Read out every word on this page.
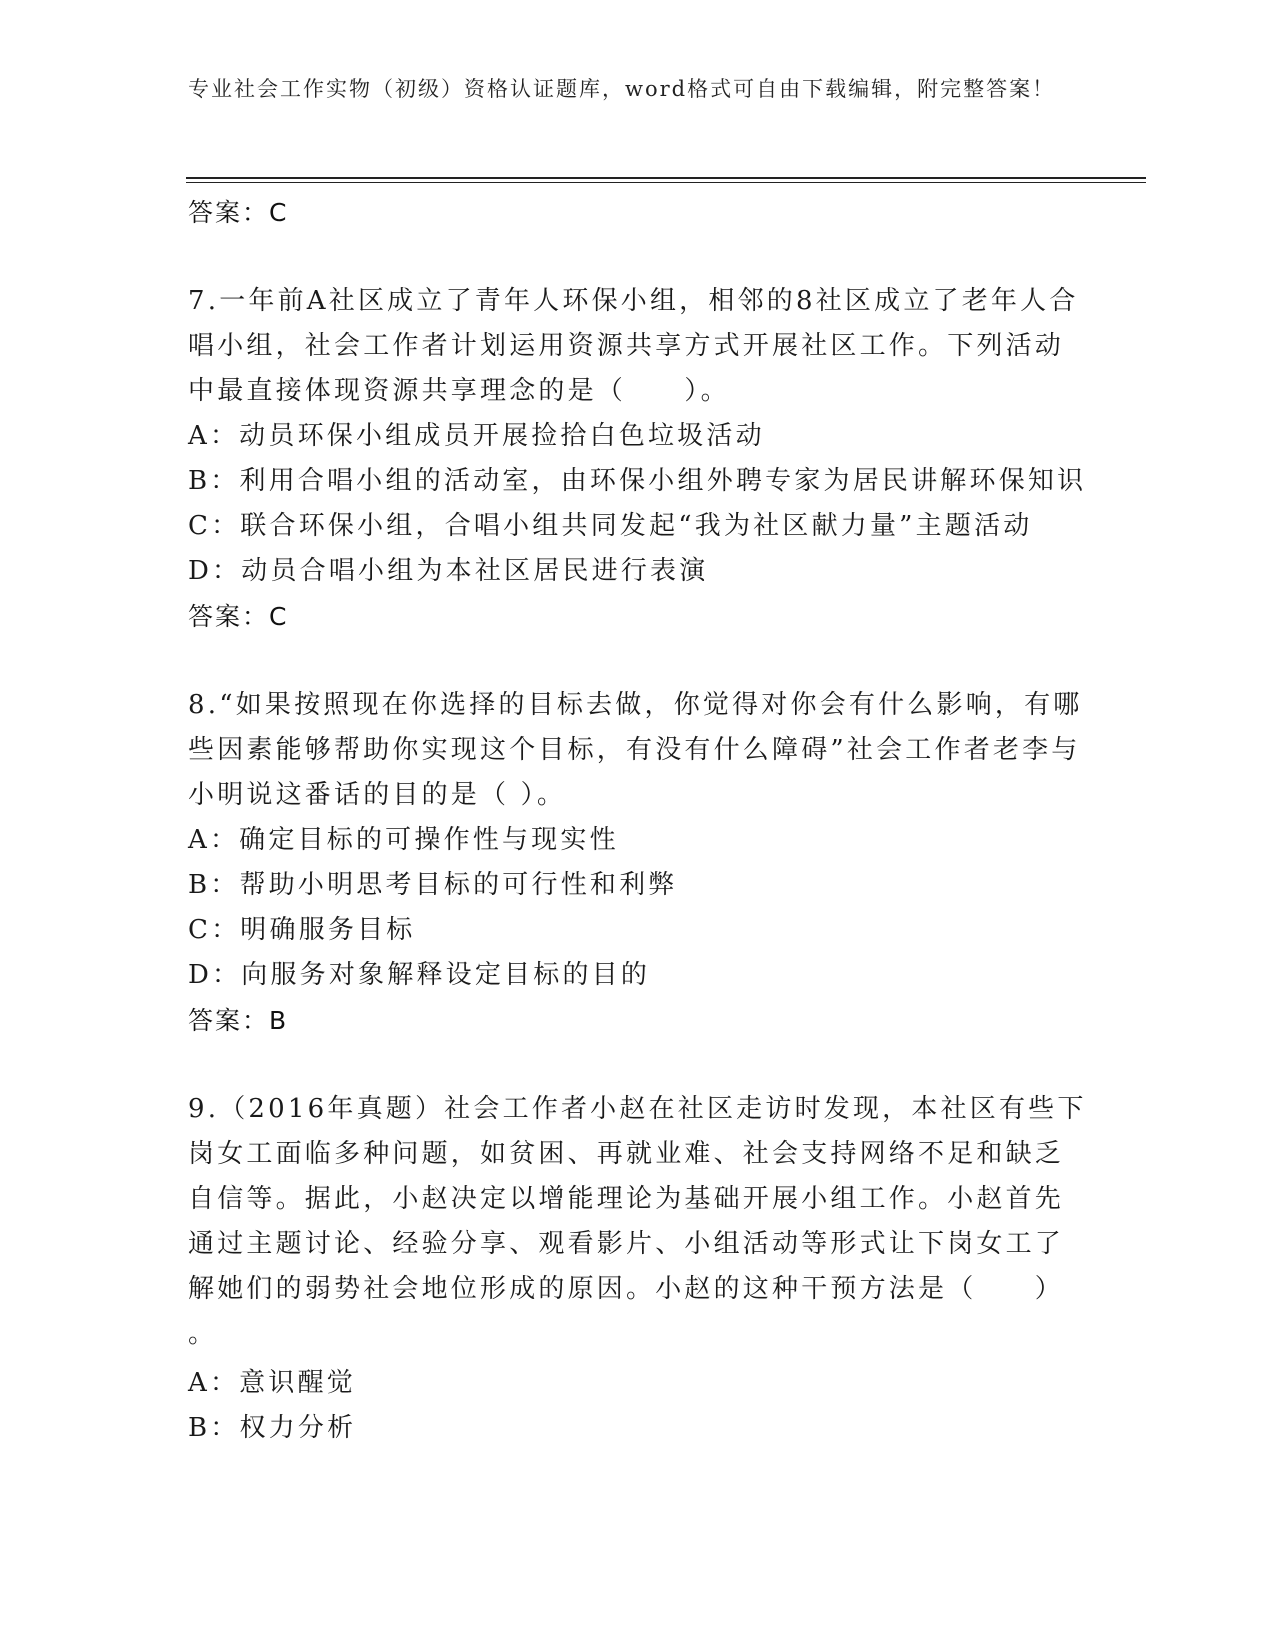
专业社会工作实物（初级）资格认证题库，word格式可自由下载编辑，附完整答案！

答案：C

7.一年前A社区成立了青年人环保小组，相邻的8社区成立了老年人合唱小组，社会工作者计划运用资源共享方式开展社区工作。下列活动中最直接体现资源共享理念的是（　　）。

A：动员环保小组成员开展捡拾白色垃圾活动

B：利用合唱小组的活动室，由环保小组外聘专家为居民讲解环保知识

C：联合环保小组，合唱小组共同发起“我为社区献力量”主题活动

D：动员合唱小组为本社区居民进行表演

答案：C

8.“如果按照现在你选择的目标去做，你觉得对你会有什么影响，有哪些因素能够帮助你实现这个目标，有没有什么障碍”社会工作者老李与小明说这番话的目的是（ ）。

A：确定目标的可操作性与现实性

B：帮助小明思考目标的可行性和利弊

C：明确服务目标

D：向服务对象解释设定目标的目的

答案：B

9.（2016年真题）社会工作者小赵在社区走访时发现，本社区有些下岗女工面临多种问题，如贫困、再就业难、社会支持网络不足和缺乏自信等。据此，小赵决定以增能理论为基础开展小组工作。小赵首先通过主题讨论、经验分享、观看影片、小组活动等形式让下岗女工了解她们的弱势社会地位形成的原因。小赵的这种干预方法是（　　）

。

A：意识醒觉

B：权力分析
